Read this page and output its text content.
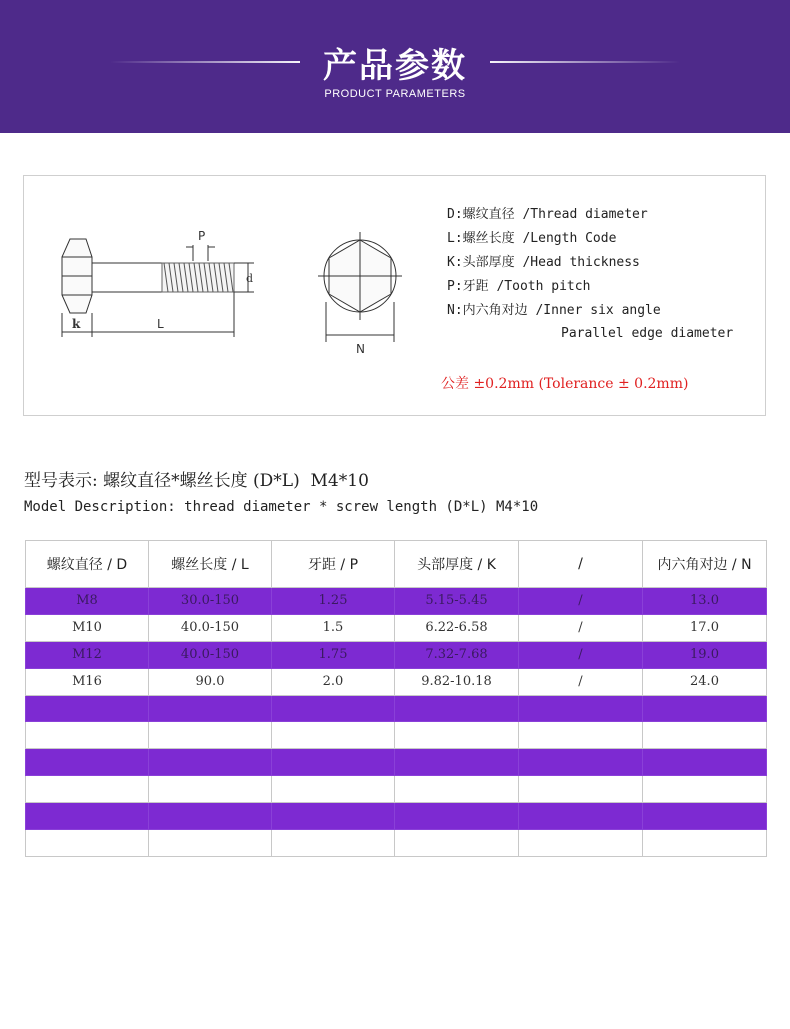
产品参数
PRODUCT PARAMETERS
P
d
k	L
N
D:螺纹直径 /Thread diameter
L:螺丝长度 /Length Code
K:头部厚度 /Head thickness
P:牙距 /Tooth pitch
N:内六角对边 /Inner six angle
Parallel edge diameter
公差 ±0.2mm (Tolerance ± 0.2mm)
型号表示: 螺纹直径*螺丝长度 (D*L)  M4*10
Model Description: thread diameter * screw length (D*L) M4*10
螺纹直径 / D	螺丝长度 / L	牙距 / P	头部厚度 / K	/	内六角对边 / N
M8	30.0-150	1.25	5.15-5.45	/	13.0
M10	40.0-150	1.5	6.22-6.58	/	17.0
M12	40.0-150	1.75	7.32-7.68	/	19.0
M16	90.0	2.0	9.82-10.18	/	24.0
